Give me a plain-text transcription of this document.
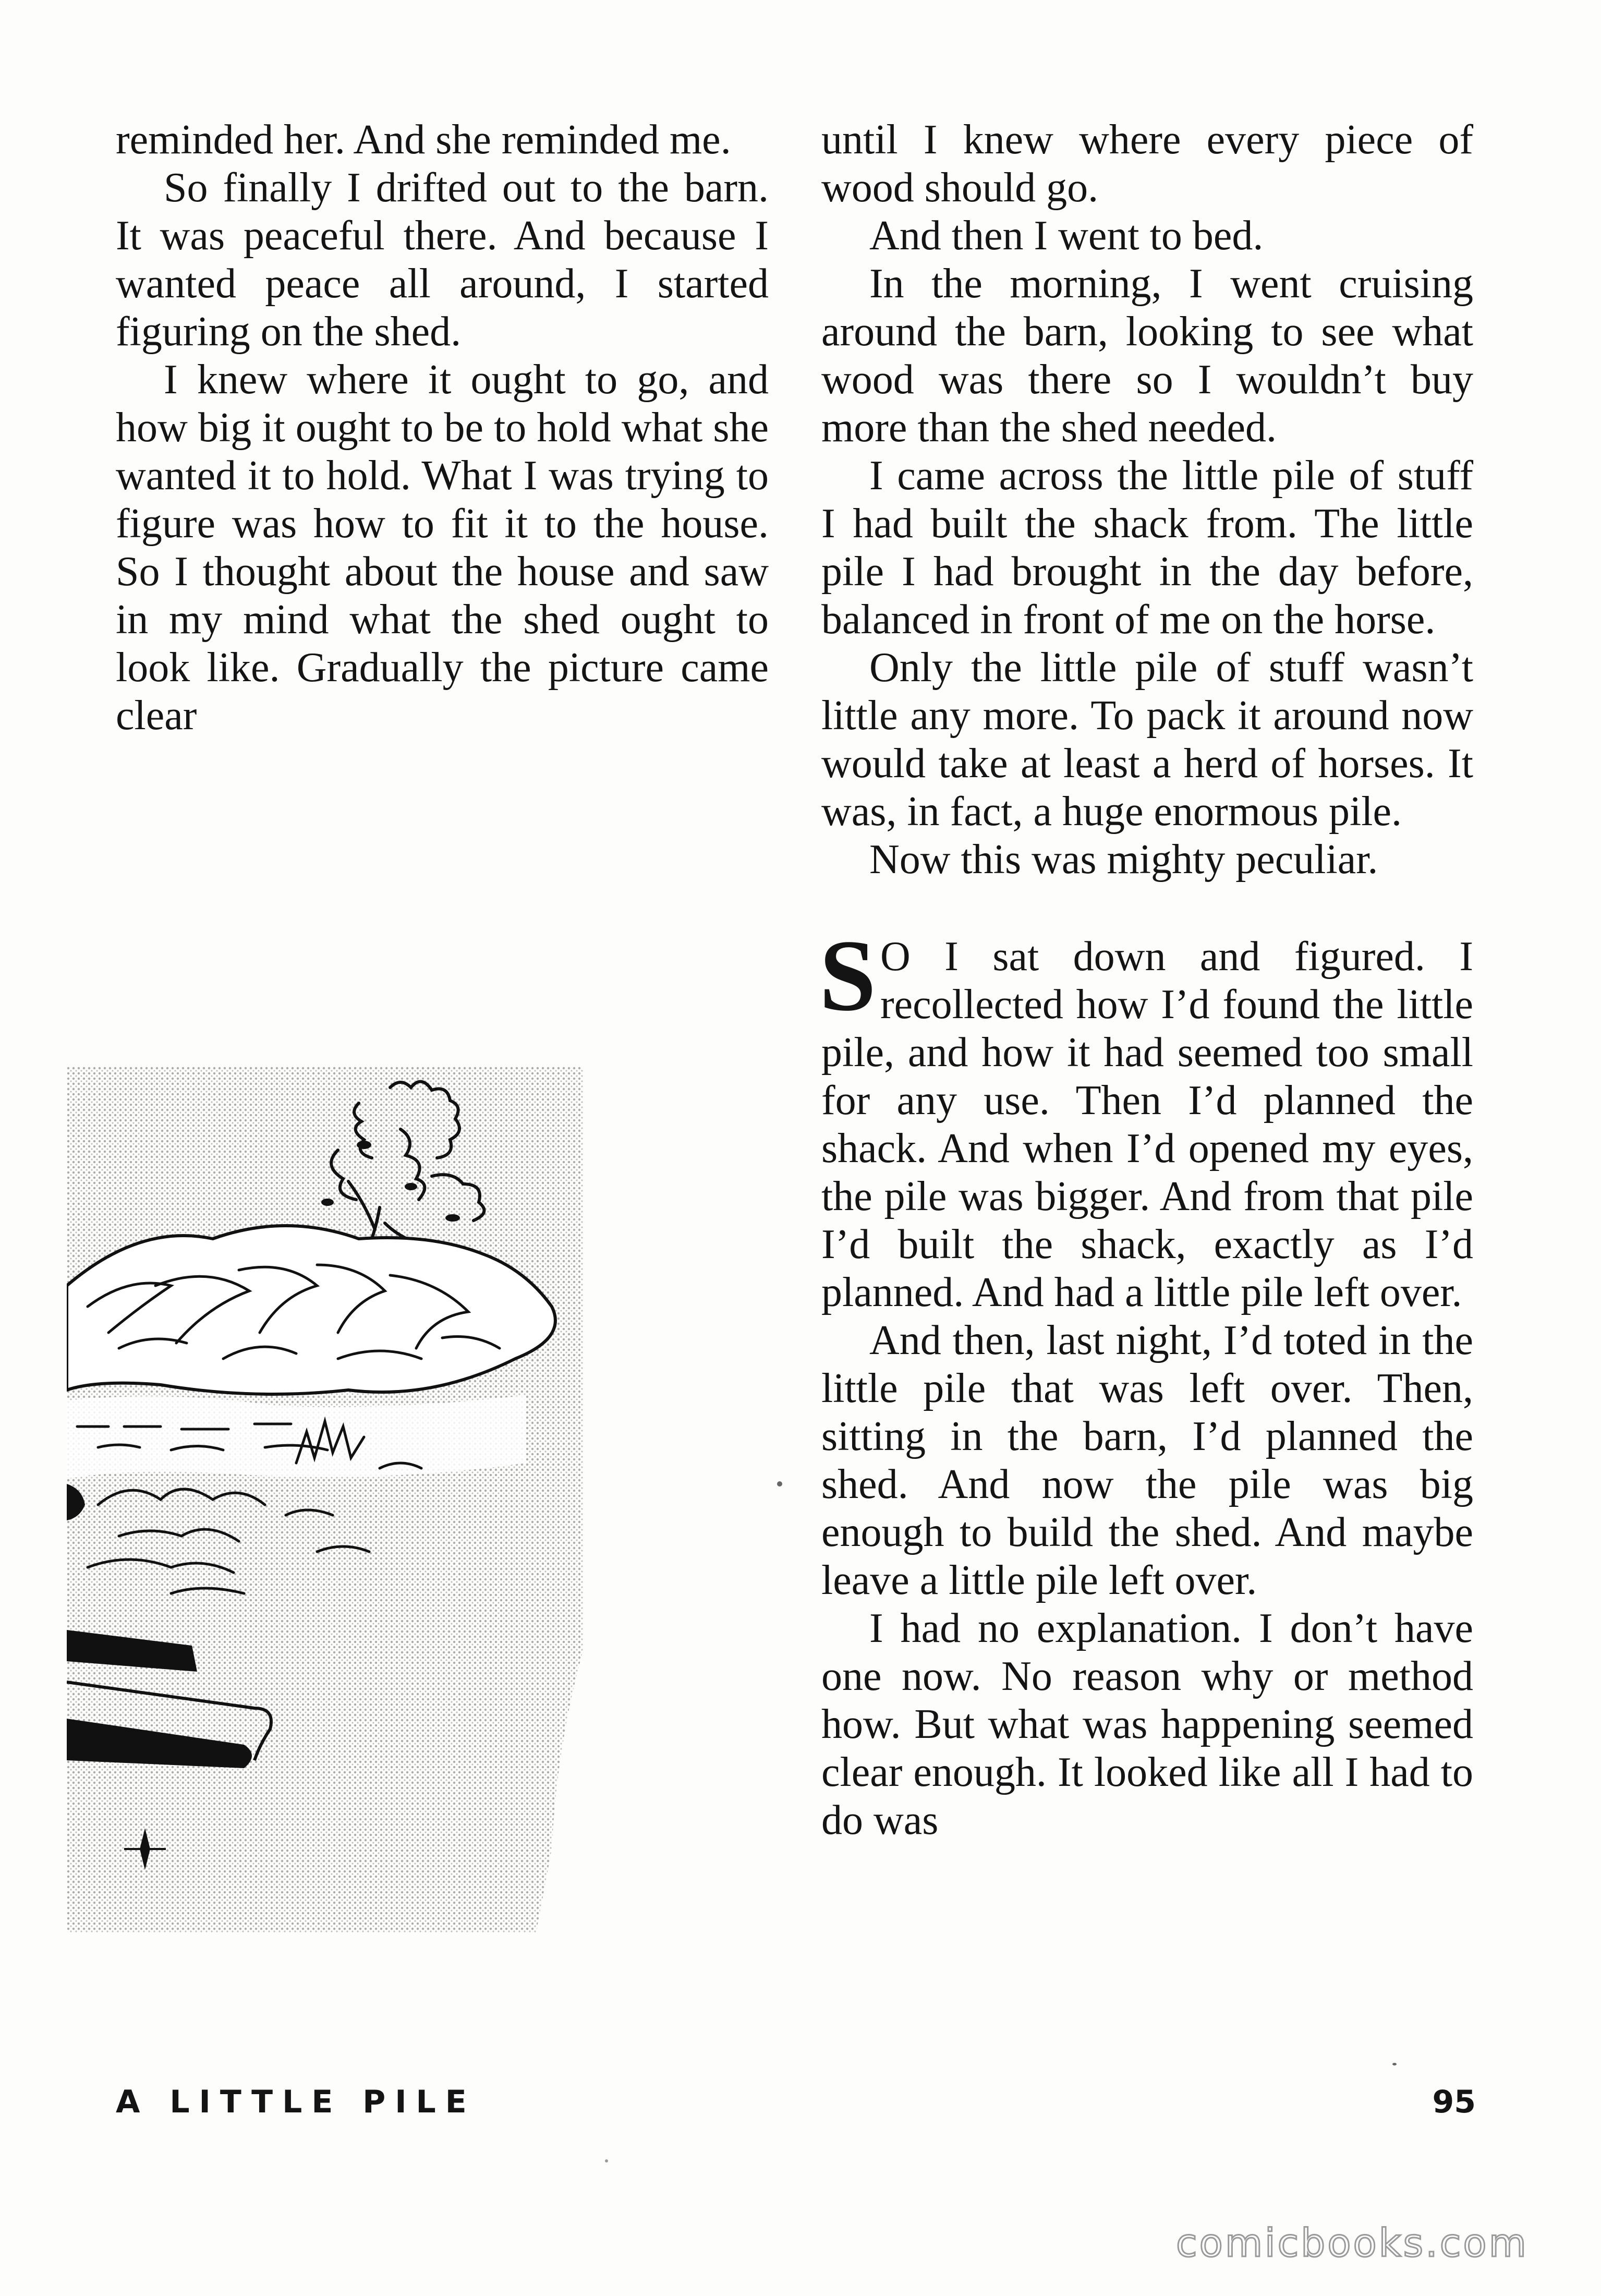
reminded her. And she reminded me.

So finally I drifted out to the barn. It was peaceful there. And because I wanted peace all around, I started figuring on the shed.

I knew where it ought to go, and how big it ought to be to hold what she wanted it to hold. What I was trying to figure was how to fit it to the house. So I thought about the house and saw in my mind what the shed ought to look like. Gradually the picture came clear

until I knew where every piece of wood should go.

And then I went to bed.

In the morning, I went cruising around the barn, looking to see what wood was there so I wouldn’t buy more than the shed needed.

I came across the little pile of stuff I had built the shack from. The little pile I had brought in the day before, balanced in front of me on the horse.

Only the little pile of stuff wasn’t little any more. To pack it around now would take at least a herd of horses. It was, in fact, a huge enormous pile.

Now this was mighty peculiar.

S O I sat down and figured. I recollected how I’d found the little pile, and how it had seemed too small for any use. Then I’d planned the shack. And when I’d opened my eyes, the pile was bigger. And from that pile I’d built the shack, exactly as I’d planned. And had a little pile left over.

And then, last night, I’d toted in the little pile that was left over. Then, sitting in the barn, I’d planned the shed. And now the pile was big enough to build the shed. And maybe leave a little pile left over.

I had no explanation. I don’t have one now. No reason why or method how. But what was happening seemed clear enough. It looked like all I had to do was

A LITTLE PILE	95
comicbooks.com
